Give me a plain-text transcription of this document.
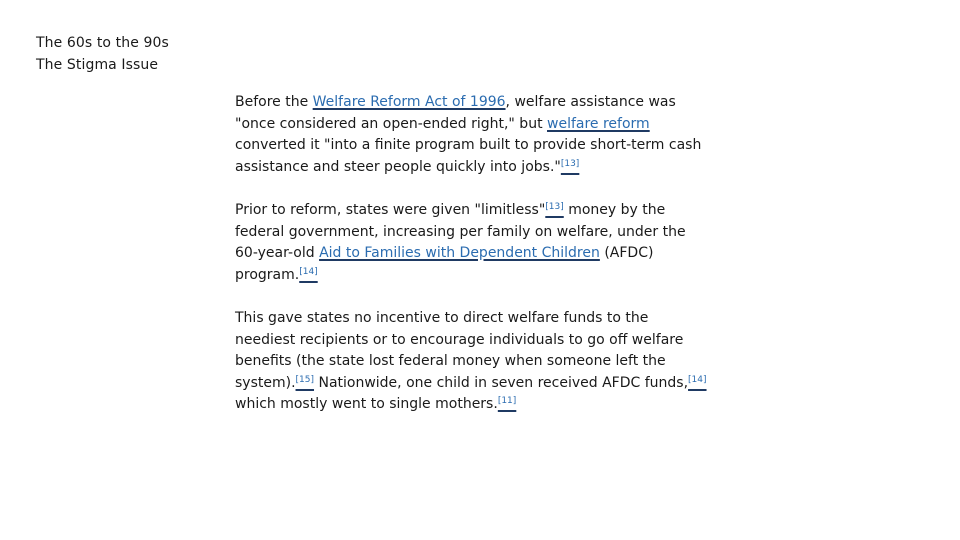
The 60s to the 90s
The Stigma Issue

Before the Welfare Reform Act of 1996, welfare assistance was "once considered an open-ended right," but welfare reform converted it "into a finite program built to provide short-term cash assistance and steer people quickly into jobs."[13]

Prior to reform, states were given "limitless"[13] money by the federal government, increasing per family on welfare, under the 60-year-old Aid to Families with Dependent Children (AFDC) program.[14]

This gave states no incentive to direct welfare funds to the neediest recipients or to encourage individuals to go off welfare benefits (the state lost federal money when someone left the system).[15] Nationwide, one child in seven received AFDC funds,[14] which mostly went to single mothers.[11]
